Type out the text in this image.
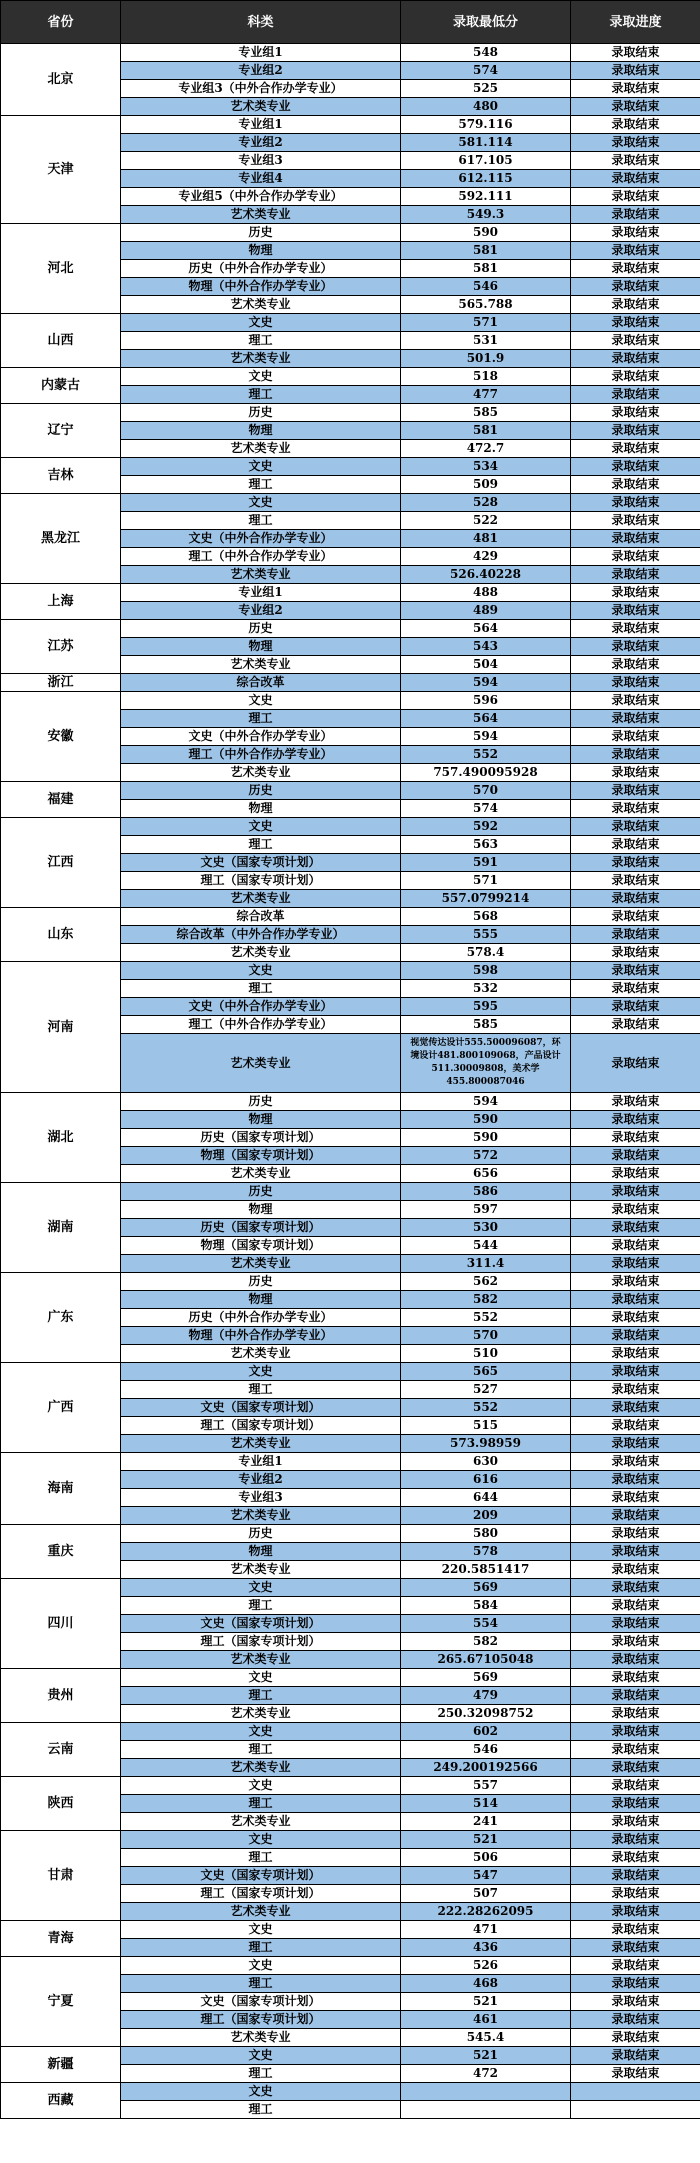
省份	科类	录取最低分	录取进度
北京	专业组1	548	录取结束
	专业组2	574	录取结束
	专业组3（中外合作办学专业）	525	录取结束
	艺术类专业	480	录取结束
天津	专业组1	579.116	录取结束
	专业组2	581.114	录取结束
	专业组3	617.105	录取结束
	专业组4	612.115	录取结束
	专业组5（中外合作办学专业）	592.111	录取结束
	艺术类专业	549.3	录取结束
河北	历史	590	录取结束
	物理	581	录取结束
	历史（中外合作办学专业）	581	录取结束
	物理（中外合作办学专业）	546	录取结束
	艺术类专业	565.788	录取结束
山西	文史	571	录取结束
	理工	531	录取结束
	艺术类专业	501.9	录取结束
内蒙古	文史	518	录取结束
	理工	477	录取结束
辽宁	历史	585	录取结束
	物理	581	录取结束
	艺术类专业	472.7	录取结束
吉林	文史	534	录取结束
	理工	509	录取结束
黑龙江	文史	528	录取结束
	理工	522	录取结束
	文史（中外合作办学专业）	481	录取结束
	理工（中外合作办学专业）	429	录取结束
	艺术类专业	526.40228	录取结束
上海	专业组1	488	录取结束
	专业组2	489	录取结束
江苏	历史	564	录取结束
	物理	543	录取结束
	艺术类专业	504	录取结束
浙江	综合改革	594	录取结束
安徽	文史	596	录取结束
	理工	564	录取结束
	文史（中外合作办学专业）	594	录取结束
	理工（中外合作办学专业）	552	录取结束
	艺术类专业	757.490095928	录取结束
福建	历史	570	录取结束
	物理	574	录取结束
江西	文史	592	录取结束
	理工	563	录取结束
	文史（国家专项计划）	591	录取结束
	理工（国家专项计划）	571	录取结束
	艺术类专业	557.0799214	录取结束
山东	综合改革	568	录取结束
	综合改革（中外合作办学专业）	555	录取结束
	艺术类专业	578.4	录取结束
河南	文史	598	录取结束
	理工	532	录取结束
	文史（中外合作办学专业）	595	录取结束
	理工（中外合作办学专业）	585	录取结束
	艺术类专业	视觉传达设计555.500096087，环境设计481.800109068，产品设计511.30009808，美术学455.800087046	录取结束
湖北	历史	594	录取结束
	物理	590	录取结束
	历史（国家专项计划）	590	录取结束
	物理（国家专项计划）	572	录取结束
	艺术类专业	656	录取结束
湖南	历史	586	录取结束
	物理	597	录取结束
	历史（国家专项计划）	530	录取结束
	物理（国家专项计划）	544	录取结束
	艺术类专业	311.4	录取结束
广东	历史	562	录取结束
	物理	582	录取结束
	历史（中外合作办学专业）	552	录取结束
	物理（中外合作办学专业）	570	录取结束
	艺术类专业	510	录取结束
广西	文史	565	录取结束
	理工	527	录取结束
	文史（国家专项计划）	552	录取结束
	理工（国家专项计划）	515	录取结束
	艺术类专业	573.98959	录取结束
海南	专业组1	630	录取结束
	专业组2	616	录取结束
	专业组3	644	录取结束
	艺术类专业	209	录取结束
重庆	历史	580	录取结束
	物理	578	录取结束
	艺术类专业	220.5851417	录取结束
四川	文史	569	录取结束
	理工	584	录取结束
	文史（国家专项计划）	554	录取结束
	理工（国家专项计划）	582	录取结束
	艺术类专业	265.67105048	录取结束
贵州	文史	569	录取结束
	理工	479	录取结束
	艺术类专业	250.32098752	录取结束
云南	文史	602	录取结束
	理工	546	录取结束
	艺术类专业	249.200192566	录取结束
陕西	文史	557	录取结束
	理工	514	录取结束
	艺术类专业	241	录取结束
甘肃	文史	521	录取结束
	理工	506	录取结束
	文史（国家专项计划）	547	录取结束
	理工（国家专项计划）	507	录取结束
	艺术类专业	222.28262095	录取结束
青海	文史	471	录取结束
	理工	436	录取结束
宁夏	文史	526	录取结束
	理工	468	录取结束
	文史（国家专项计划）	521	录取结束
	理工（国家专项计划）	461	录取结束
	艺术类专业	545.4	录取结束
新疆	文史	521	录取结束
	理工	472	录取结束
西藏	文史		
	理工		
